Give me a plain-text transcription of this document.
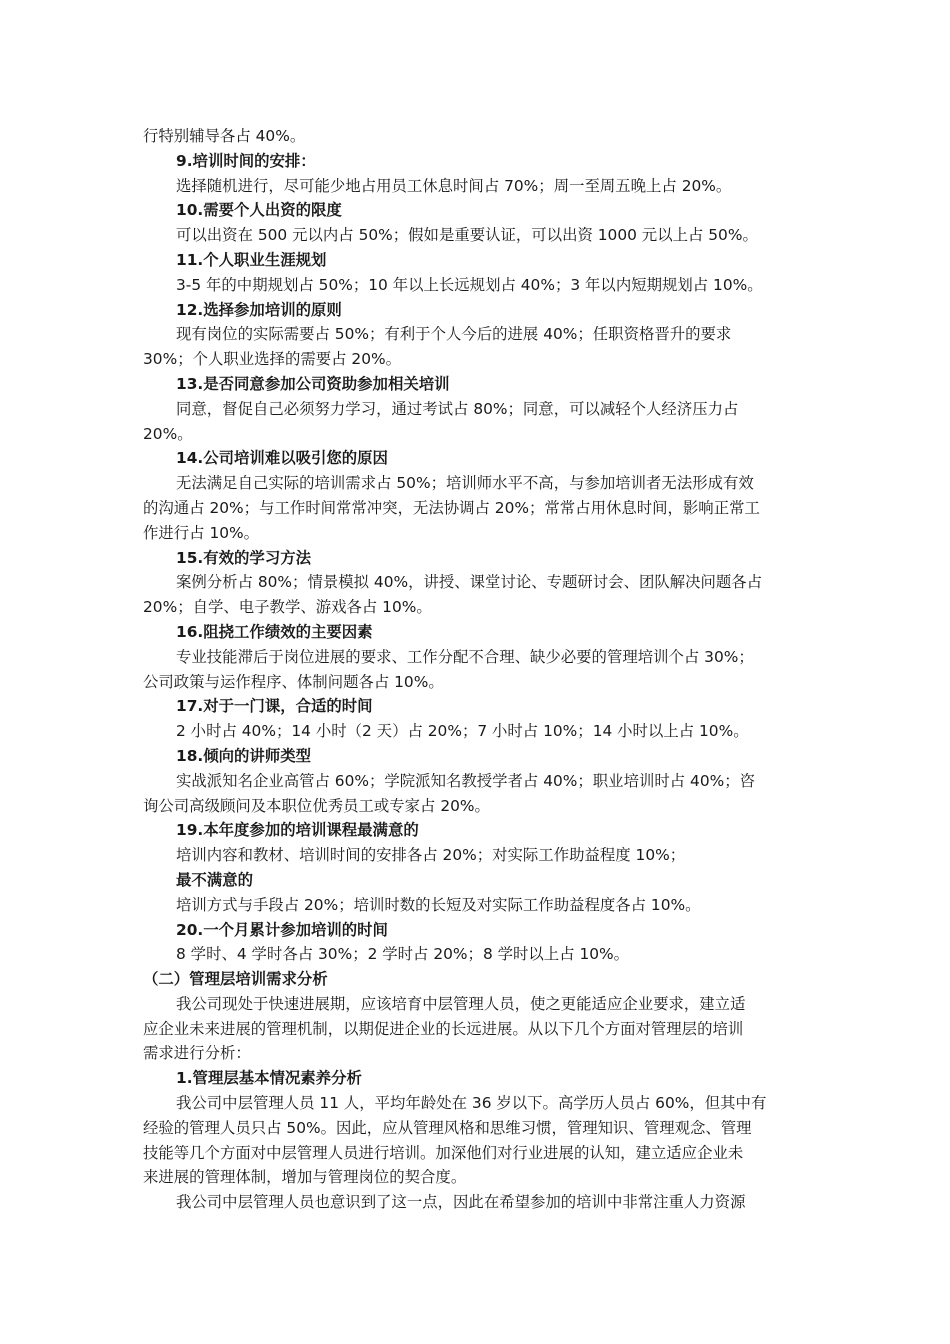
行特别辅导各占 40%。

9.培训时间的安排：

选择随机进行，尽可能少地占用员工休息时间占 70%；周一至周五晚上占 20%。

10.需要个人出资的限度

可以出资在 500 元以内占 50%；假如是重要认证，可以出资 1000 元以上占 50%。

11.个人职业生涯规划

3-5 年的中期规划占 50%；10 年以上长远规划占 40%；3 年以内短期规划占 10%。

12.选择参加培训的原则

现有岗位的实际需要占 50%；有利于个人今后的进展 40%；任职资格晋升的要求

30%；个人职业选择的需要占 20%。

13.是否同意参加公司资助参加相关培训

同意，督促自己必须努力学习，通过考试占 80%；同意，可以减轻个人经济压力占

20%。

14.公司培训难以吸引您的原因

无法满足自己实际的培训需求占 50%；培训师水平不高，与参加培训者无法形成有效

的沟通占 20%；与工作时间常常冲突，无法协调占 20%；常常占用休息时间，影响正常工

作进行占 10%。

15.有效的学习方法

案例分析占 80%；情景模拟 40%，讲授、课堂讨论、专题研讨会、团队解决问题各占

20%；自学、电子教学、游戏各占 10%。

16.阻挠工作绩效的主要因素

专业技能滞后于岗位进展的要求、工作分配不合理、缺少必要的管理培训个占 30%；

公司政策与运作程序、体制问题各占 10%。

17.对于一门课，合适的时间

2 小时占 40%；14 小时（2 天）占 20%；7 小时占 10%；14 小时以上占 10%。

18.倾向的讲师类型

实战派知名企业高管占 60%；学院派知名教授学者占 40%；职业培训时占 40%；咨

询公司高级顾问及本职位优秀员工或专家占 20%。

19.本年度参加的培训课程最满意的

培训内容和教材、培训时间的安排各占 20%；对实际工作助益程度 10%；

最不满意的

培训方式与手段占 20%；培训时数的长短及对实际工作助益程度各占 10%。

20.一个月累计参加培训的时间

8 学时、4 学时各占 30%；2 学时占 20%；8 学时以上占 10%。

（二）管理层培训需求分析

我公司现处于快速进展期，应该培育中层管理人员，使之更能适应企业要求，建立适

应企业未来进展的管理机制，以期促进企业的长远进展。从以下几个方面对管理层的培训

需求进行分析：

1.管理层基本情况素养分析

我公司中层管理人员 11 人，平均年龄处在 36 岁以下。高学历人员占 60%，但其中有

经验的管理人员只占 50%。因此，应从管理风格和思维习惯，管理知识、管理观念、管理

技能等几个方面对中层管理人员进行培训。加深他们对行业进展的认知，建立适应企业未

来进展的管理体制，增加与管理岗位的契合度。

我公司中层管理人员也意识到了这一点，因此在希望参加的培训中非常注重人力资源
